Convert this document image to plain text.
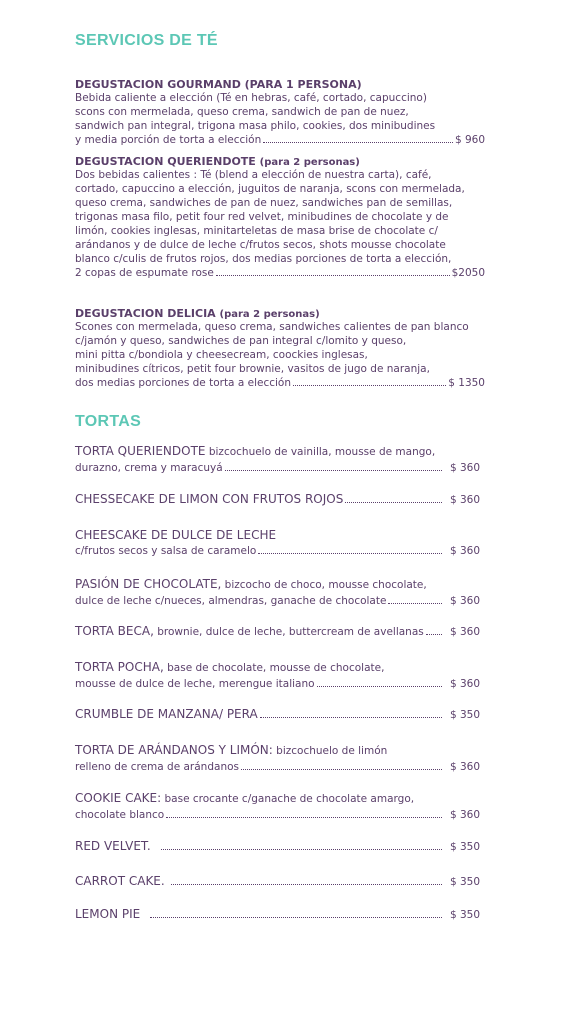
SERVICIOS DE TÉ
DEGUSTACION GOURMAND (PARA 1 PERSONA)
Bebida caliente a elección (Té en hebras, café, cortado, capuccino)
scons con mermelada, queso crema, sandwich de pan de nuez,
sandwich pan integral, trigona masa philo, cookies, dos minibudines
y media porción de torta a elección	$ 960
DEGUSTACION QUERIENDOTE (para 2 personas)
Dos bebidas calientes : Té (blend a elección de nuestra carta), café,
cortado, capuccino a elección, juguitos de naranja, scons con mermelada,
queso crema, sandwiches de pan de nuez, sandwiches pan de semillas,
trigonas masa filo, petit four red velvet, minibudines de chocolate y de
limón, cookies inglesas, minitarteletas de masa brise de chocolate c/
arándanos y de dulce de leche c/frutos secos, shots mousse chocolate
blanco c/culis de frutos rojos, dos medias porciones de torta a elección,
2 copas de espumate rose	$2050
DEGUSTACION DELICIA (para 2 personas)
Scones con mermelada, queso crema, sandwiches calientes de pan blanco
c/jamón y queso, sandwiches de pan integral c/lomito y queso,
mini pitta c/bondiola y cheesecream, coockies inglesas,
minibudines cítricos, petit four brownie, vasitos de jugo de naranja,
dos medias porciones de torta a elección	$ 1350
TORTAS
TORTA QUERIENDOTE bizcochuelo de vainilla, mousse de mango,
durazno, crema y maracuyá	$ 360
CHESSECAKE DE LIMON CON FRUTOS ROJOS	$ 360
CHEESCAKE DE DULCE DE LECHE
c/frutos secos y salsa de caramelo	$ 360
PASIÓN DE CHOCOLATE, bizcocho de choco, mousse chocolate,
dulce de leche c/nueces, almendras, ganache de chocolate	$ 360
TORTA BECA, brownie, dulce de leche, buttercream de avellanas	$ 360
TORTA POCHA, base de chocolate, mousse de chocolate,
mousse de dulce de leche, merengue italiano	$ 360
CRUMBLE DE MANZANA/ PERA	$ 350
TORTA DE ARÁNDANOS Y LIMÓN: bizcochuelo de limón
relleno de crema de arándanos	$ 360
COOKIE CAKE: base crocante c/ganache de chocolate amargo,
chocolate blanco	$ 360
RED VELVET.	$ 350
CARROT CAKE.	$ 350
LEMON PIE	$ 350
